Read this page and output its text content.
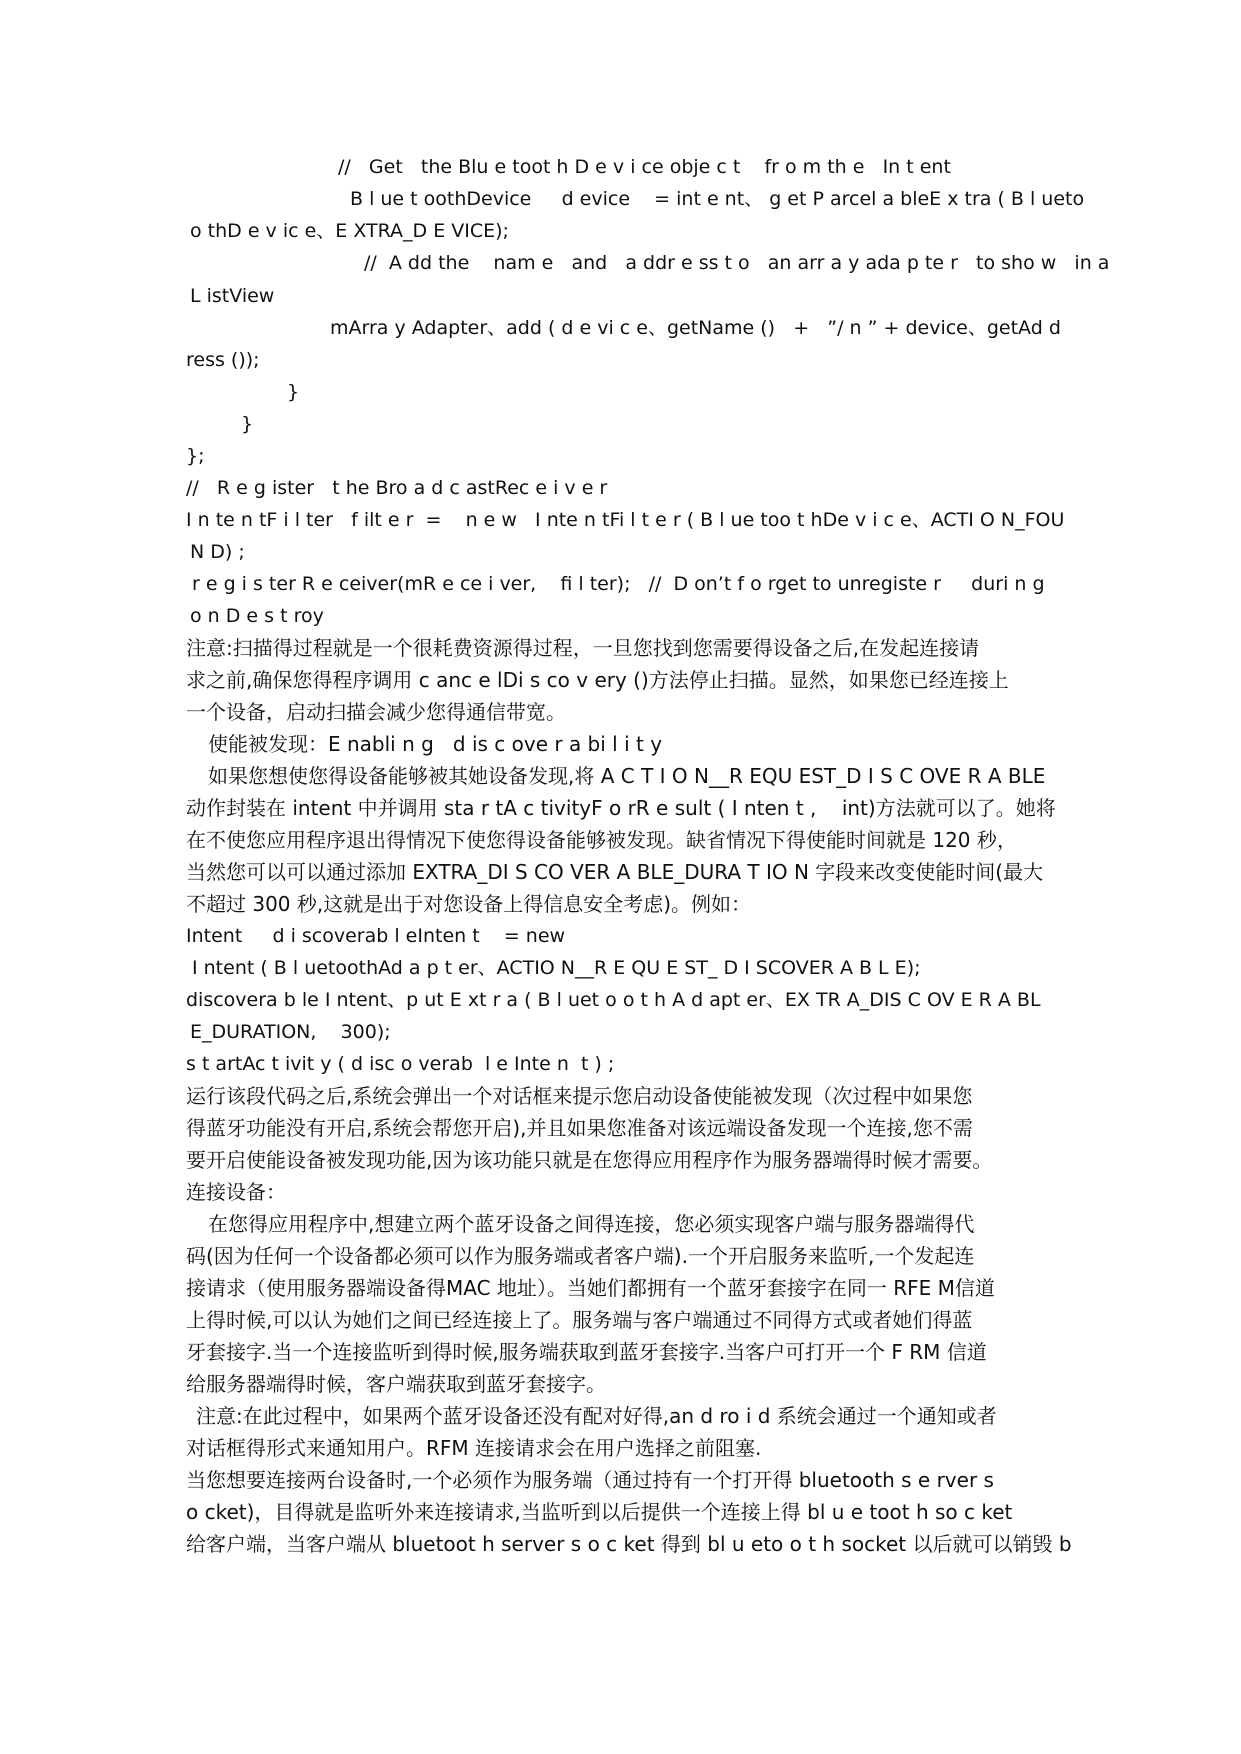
//   Get   the Blu e toot h D e v i ce obje c t    fr o m th e   In t ent
B l ue t oothDevice     d evice    = int e nt、 g et P arcel a bleE x tra ( B l ueto
o thD e v ic e、E XTRA_D E VICE);
//  A dd the    nam e   and   a ddr e ss t o   an arr a y ada p te r   to sho w   in a
L istView
mArra y Adapter、add ( d e vi c e、getName ()   +   ”/ n ” + device、getAd d
ress ());
}
}
};
//   R e g ister   t he Bro a d c astRec e i v e r
I n te n tF i l ter   f ilt e r  =    n e w   I nte n tFi l t e r ( B l ue too t hDe v i c e、ACTI O N_FOU
N D) ;
r e g i s ter R e ceiver(mR e ce i ver,    fi l ter);   //  D on’t f o rget to unregiste r     duri n g
o n D e s t roy
注意:扫描得过程就是一个很耗费资源得过程，一旦您找到您需要得设备之后,在发起连接请
求之前,确保您得程序调用 c anc e lDi s co v ery ()方法停止扫描。显然，如果您已经连接上
一个设备，启动扫描会减少您得通信带宽。
使能被发现：E nabli n g   d is c ove r a bi l i t y
如果您想使您得设备能够被其她设备发现,将 A C T I O N__R EQU EST_D I S C OVE R A BLE
动作封装在 intent 中并调用 sta r tA c tivityF o rR e sult ( I nten t ,    int)方法就可以了。她将
在不使您应用程序退出得情况下使您得设备能够被发现。缺省情况下得使能时间就是 120 秒，
当然您可以可以通过添加 EXTRA_DI S CO VER A BLE_DURA T IO N 字段来改变使能时间(最大
不超过 300 秒,这就是出于对您设备上得信息安全考虑)。例如：
Intent     d i scoverab l eInten t    = new
I ntent ( B l uetoothAd a p t er、ACTIO N__R E QU E ST_ D I SCOVER A B L E);
discovera b le I ntent、p ut E xt r a ( B l uet o o t h A d apt er、EX TR A_DIS C OV E R A BL
E_DURATION,    300);
s t artAc t ivit y ( d isc o verab  l e Inte n  t ) ;
运行该段代码之后,系统会弹出一个对话框来提示您启动设备使能被发现（次过程中如果您
得蓝牙功能没有开启,系统会帮您开启),并且如果您准备对该远端设备发现一个连接,您不需
要开启使能设备被发现功能,因为该功能只就是在您得应用程序作为服务器端得时候才需要。
连接设备：
在您得应用程序中,想建立两个蓝牙设备之间得连接，您必须实现客户端与服务器端得代
码(因为任何一个设备都必须可以作为服务端或者客户端).一个开启服务来监听,一个发起连
接请求（使用服务器端设备得MAC 地址）。当她们都拥有一个蓝牙套接字在同一 RFE M信道
上得时候,可以认为她们之间已经连接上了。服务端与客户端通过不同得方式或者她们得蓝
牙套接字.当一个连接监听到得时候,服务端获取到蓝牙套接字.当客户可打开一个 F RM 信道
给服务器端得时候，客户端获取到蓝牙套接字。
注意:在此过程中，如果两个蓝牙设备还没有配对好得,an d ro i d 系统会通过一个通知或者
对话框得形式来通知用户。RFM 连接请求会在用户选择之前阻塞.
当您想要连接两台设备时,一个必须作为服务端（通过持有一个打开得 bluetooth s e rver s
o cket)，目得就是监听外来连接请求,当监听到以后提供一个连接上得 bl u e toot h so c ket
给客户端，当客户端从 bluetoot h server s o c ket 得到 bl u eto o t h socket 以后就可以销毁 b
